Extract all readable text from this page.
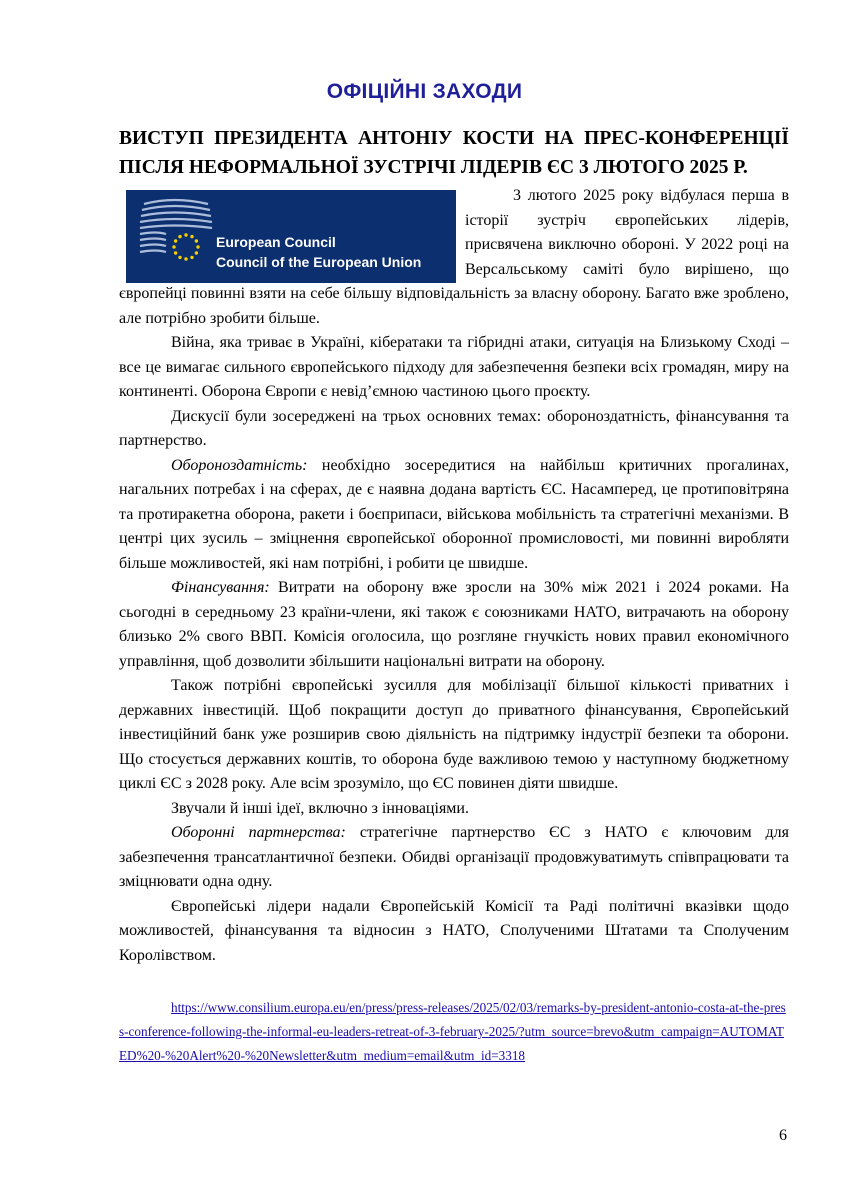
ОФІЦІЙНІ ЗАХОДИ
ВИСТУП ПРЕЗИДЕНТА АНТОНІУ КОСТИ НА ПРЕС-КОНФЕРЕНЦІЇ ПІСЛЯ НЕФОРМАЛЬНОЇ ЗУСТРІЧІ ЛІДЕРІВ ЄС 3 ЛЮТОГО 2025 Р.
European Council
Council of the European Union

3 лютого 2025 року відбулася перша в історії зустріч європейських лідерів, присвячена виключно обороні. У 2022 році на Версальському саміті було вирішено, що європейці повинні взяти на себе більшу відповідальність за власну оборону. Багато вже зроблено, але потрібно зробити більше.

Війна, яка триває в Україні, кібератаки та гібридні атаки, ситуація на Близькому Сході – все це вимагає сильного європейського підходу для забезпечення безпеки всіх громадян, миру на континенті. Оборона Європи є невід’ємною частиною цього проєкту.

Дискусії були зосереджені на трьох основних темах: обороноздатність, фінансування та партнерство.

Обороноздатність: необхідно зосередитися на найбільш критичних прогалинах, нагальних потребах і на сферах, де є наявна додана вартість ЄС. Насамперед, це протиповітряна та протиракетна оборона, ракети і боєприпаси, військова мобільність та стратегічні механізми. В центрі цих зусиль – зміцнення європейської оборонної промисловості, ми повинні виробляти більше можливостей, які нам потрібні, і робити це швидше.

Фінансування: Витрати на оборону вже зросли на 30% між 2021 і 2024 роками. На сьогодні в середньому 23 країни-члени, які також є союзниками НАТО, витрачають на оборону близько 2% свого ВВП. Комісія оголосила, що розгляне гнучкість нових правил економічного управління, щоб дозволити збільшити національні витрати на оборону.

Також потрібні європейські зусилля для мобілізації більшої кількості приватних і державних інвестицій. Щоб покращити доступ до приватного фінансування, Європейський інвестиційний банк уже розширив свою діяльність на підтримку індустрії безпеки та оборони. Що стосується державних коштів, то оборона буде важливою темою у наступному бюджетному циклі ЄС з 2028 року. Але всім зрозуміло, що ЄС повинен діяти швидше.

Звучали й інші ідеї, включно з інноваціями.

Оборонні партнерства: стратегічне партнерство ЄС з НАТО є ключовим для забезпечення трансатлантичної безпеки. Обидві організації продовжуватимуть співпрацювати та зміцнювати одна одну.

Європейські лідери надали Європейській Комісії та Раді політичні вказівки щодо можливостей, фінансування та відносин з НАТО, Сполученими Штатами та Сполученим Королівством.

https://www.consilium.europa.eu/en/press/press-releases/2025/02/03/remarks-by-president-antonio-costa-at-the-press-conference-following-the-informal-eu-leaders-retreat-of-3-february-2025/?utm_source=brevo&utm_campaign=AUTOMATED%20-%20Alert%20-%20Newsletter&utm_medium=email&utm_id=3318
6
